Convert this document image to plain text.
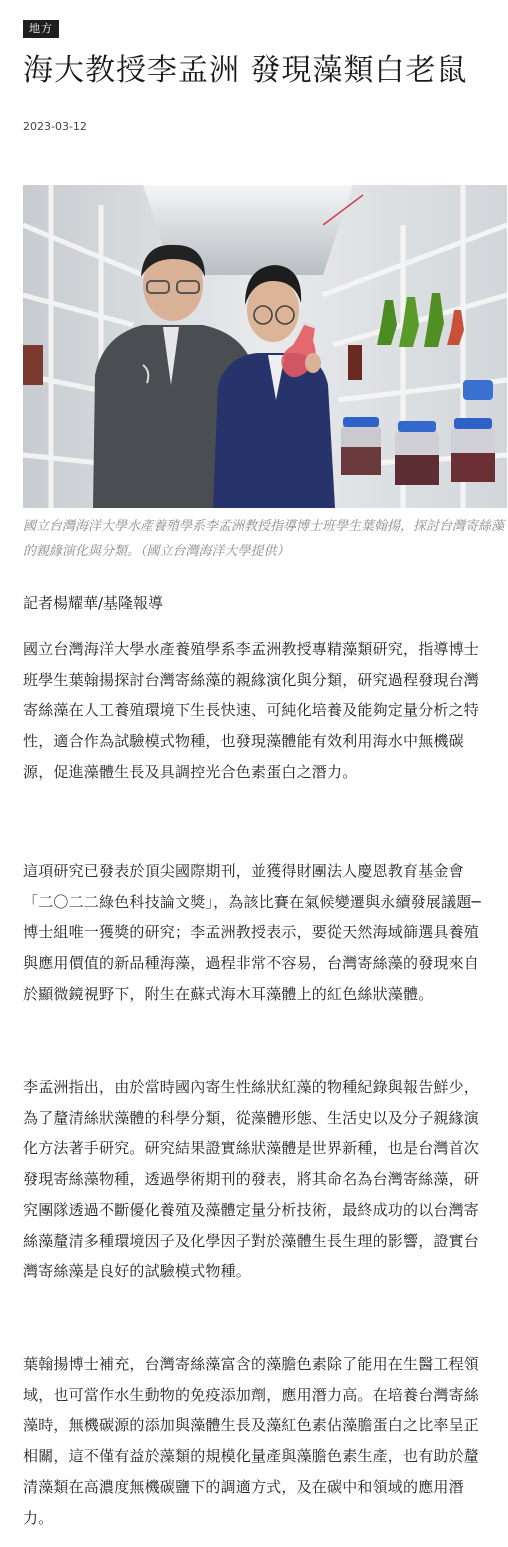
地方
海大教授李孟洲 發現藻類白老鼠
2023-03-12
國立台灣海洋大學水產養殖學系李孟洲教授指導博士班學生葉翰揚，探討台灣寄絲藻的親緣演化與分類。（國立台灣海洋大學提供）
記者楊耀華/基隆報導

國立台灣海洋大學水產養殖學系李孟洲教授專精藻類研究，指導博士班學生葉翰揚探討台灣寄絲藻的親緣演化與分類，研究過程發現台灣寄絲藻在人工養殖環境下生長快速、可純化培養及能夠定量分析之特性，適合作為試驗模式物種，也發現藻體能有效利用海水中無機碳源，促進藻體生長及具調控光合色素蛋白之潛力。

這項研究已發表於頂尖國際期刊，並獲得財團法人慶恩教育基金會「二〇二二綠色科技論文獎」，為該比賽在氣候變遷與永續發展議題─博士組唯一獲獎的研究；李孟洲教授表示，要從天然海域篩選具養殖與應用價值的新品種海藻，過程非常不容易，台灣寄絲藻的發現來自於顯微鏡視野下，附生在蘇式海木耳藻體上的紅色絲狀藻體。

李孟洲指出，由於當時國內寄生性絲狀紅藻的物種紀錄與報告鮮少，為了釐清絲狀藻體的科學分類，從藻體形態、生活史以及分子親緣演化方法著手研究。研究結果證實絲狀藻體是世界新種，也是台灣首次發現寄絲藻物種，透過學術期刊的發表，將其命名為台灣寄絲藻，研究團隊透過不斷優化養殖及藻體定量分析技術，最終成功的以台灣寄絲藻釐清多種環境因子及化學因子對於藻體生長生理的影響，證實台灣寄絲藻是良好的試驗模式物種。

葉翰揚博士補充，台灣寄絲藻富含的藻膽色素除了能用在生醫工程領域，也可當作水生動物的免疫添加劑，應用潛力高。在培養台灣寄絲藻時，無機碳源的添加與藻體生長及藻紅色素佔藻膽蛋白之比率呈正相關，這不僅有益於藻類的規模化量產與藻膽色素生產，也有助於釐清藻類在高濃度無機碳鹽下的調適方式，及在碳中和領域的應用潛力。
